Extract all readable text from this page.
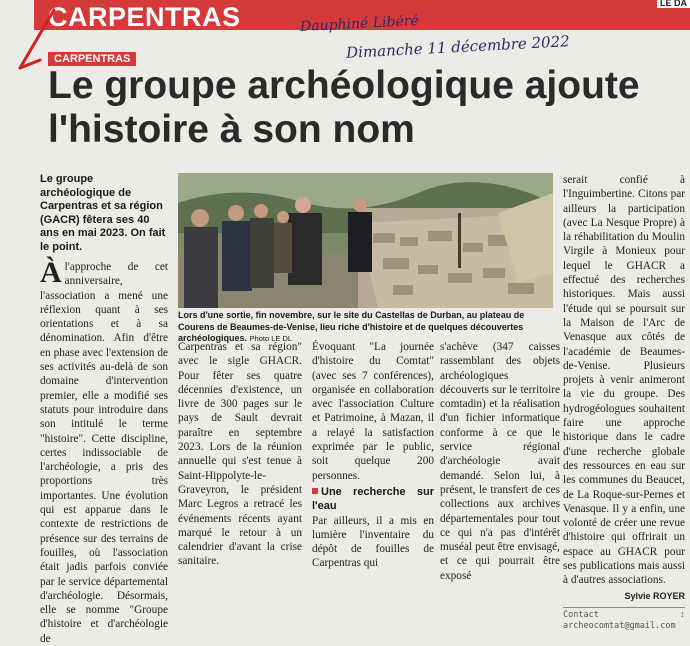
CARPENTRAS	LE DA
Dauphiné Libéré
Dimanche 11 décembre 2022
CARPENTRAS
Le groupe archéologique ajoute l'histoire à son nom
Le groupe archéologique de Carpentras et sa région (GACR) fêtera ses 40 ans en mai 2023. On fait le point.
Àl'approche de cet anniversaire, l'association a mené une réflexion quant à ses orientations et à sa dénomination. Afin d'être en phase avec l'extension de ses activités au-delà de son domaine d'intervention premier, elle a modifié ses statuts pour introduire dans son intitulé le terme "histoire". Cette discipline, certes indissociable de l'archéologie, a pris des proportions très importantes. Une évolution qui est apparue dans le contexte de restrictions de présence sur des terrains de fouilles, où l'association était jadis parfois conviée par le service départemental d'archéologie. Désormais, elle se nomme "Groupe d'histoire et d'archéologie de
Lors d'une sortie, fin novembre, sur le site du Castellas de Durban, au plateau de Courens de Beaumes-de-Venise, lieu riche d'histoire et de quelques découvertes archéologiques. Photo LE DL
Carpentras et sa région" avec le sigle GHACR. Pour fêter ses quatre décennies d'existence, un livre de 300 pages sur le pays de Sault devrait paraître en septembre 2023. Lors de la réunion annuelle qui s'est tenue à Saint-Hippolyte-le-Graveyron, le président Marc Legros a retracé les événements récents ayant marqué le retour à un calendrier d'avant la crise sanitaire.
Évoquant "La journée d'histoire du Comtat" (avec ses 7 conférences), organisée en collaboration avec l'association Culture et Patrimoine, à Mazan, il a relayé la satisfaction exprimée par le public, soit quelque 200 personnes.
Une recherche sur l'eau
Par ailleurs, il a mis en lumière l'inventaire du dépôt de fouilles de Carpentras qui
s'achève (347 caisses rassemblant des objets archéologiques découverts sur le territoire comtadin) et la réalisation d'un fichier informatique conforme à ce que le service régional d'archéologie avait demandé. Selon lui, à présent, le transfert de ces collections aux archives départementales pour tout ce qui n'a pas d'intérêt muséal peut être envisagé, et ce qui pourrait être exposé
serait confié à l'Inguimbertine. Citons par ailleurs la participation (avec La Nesque Propre) à la réhabilitation du Moulin Virgile à Monieux pour lequel le GHACR a effectué des recherches historiques. Mais aussi l'étude qui se poursuit sur la Maison de l'Arc de Venasque aux côtés de l'académie de Beaumes-de-Venise. Plusieurs projets à venir animeront la vie du groupe. Des hydrogéologues souhaitent faire une approche historique dans le cadre d'une recherche globale des ressources en eau sur les communes du Beaucet, de La Roque-sur-Pernes et Venasque. Il y a enfin, une volonté de créer une revue d'histoire qui offrirait un espace au GHACR pour ses publications mais aussi à d'autres associations.
Sylvie ROYER
Contact : archeocomtat@gmail.com
